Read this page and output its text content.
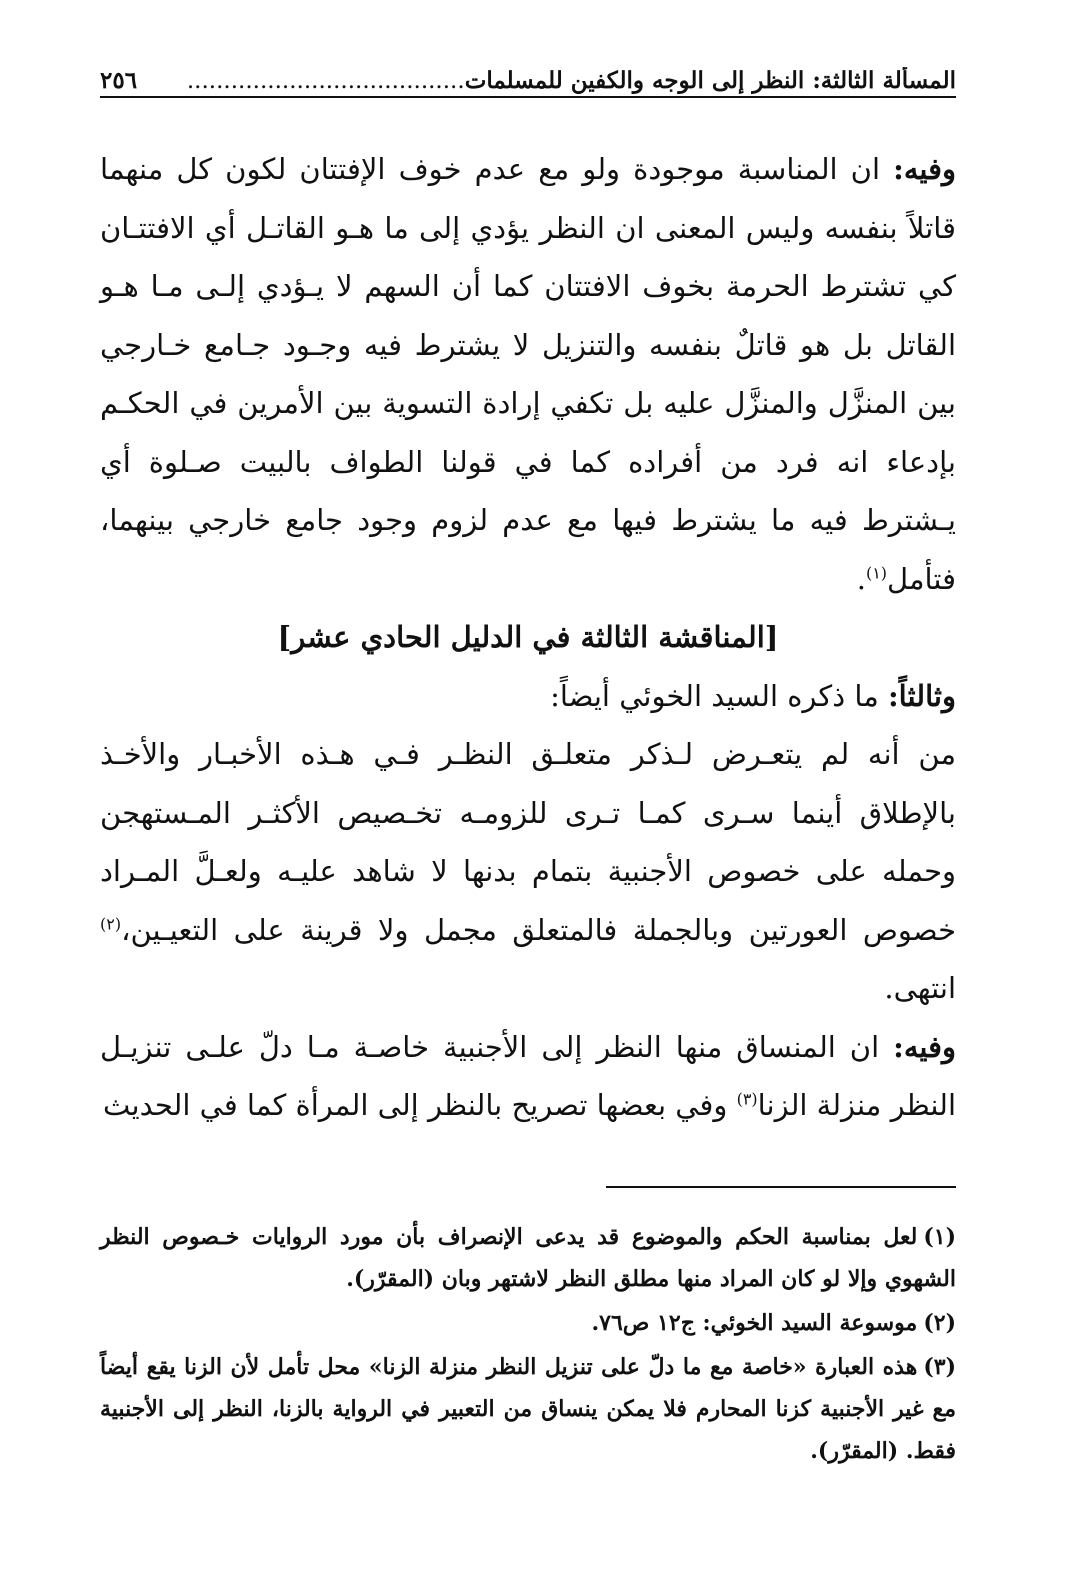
المسألة الثالثة: النظر إلى الوجه والكفين للمسلمات......................................
٢٥٦

وفيه: ان المناسبة موجودة ولو مع عدم خوف الإفتتان لكون كل منهما قاتلاً بنفسه وليس المعنى ان النظر يؤدي إلى ما هـو القاتـل أي الافتتـان كي تشترط الحرمة بخوف الافتتان كما أن السهم لا يـؤدي إلـى مـا هـو القاتل بل هو قاتلٌ بنفسه والتنزيل لا يشترط فيه وجـود جـامع خـارجي بين المنزَّل والمنزَّل عليه بل تكفي إرادة التسوية بين الأمرين في الحكـم بإدعاء انه فرد من أفراده كما في قولنا الطواف بالبيت صـلوة أي يـشترط فيه ما يشترط فيها مع عدم لزوم وجود جامع خارجي بينهما، فتأمل$^{(١)}$.

[المناقشة الثالثة في الدليل الحادي عشر]

وثالثاً: ما ذكره السيد الخوئي أيضاً:

من أنه لم يتعـرض لـذكر متعلـق النظـر فـي هـذه الأخبـار والأخـذ بالإطلاق أينما سـرى كمـا تـرى للزومـه تخـصيص الأكثـر المـستهجن وحمله على خصوص الأجنبية بتمام بدنها لا شاهد عليـه ولعـلَّ المـراد خصوص العورتين وبالجملة فالمتعلق مجمل ولا قرينة على التعيـين،$^{(٢)}$ انتهى.

وفيه: ان المنساق منها النظر إلى الأجنبية خاصـة مـا دلّ علـى تنزيـل النظر منزلة الزنا$^{(٣)}$ وفي بعضها تصريح بالنظر إلى المرأة كما في الحديث

(١)لعل بمناسبة الحكم والموضوع قد يدعى الإنصراف بأن مورد الروايات خـصوص النظر الشهوي وإلا لو كان المراد منها مطلق النظر لاشتهر وبان (المقرّر).

(٢)موسوعة السيد الخوئي: ج١٢ ص٧٦.

(٣)هذه العبارة «خاصة مع ما دلّ على تنزيل النظر منزلة الزنا» محل تأمل لأن الزنا يقع أيضاً مع غير الأجنبية كزنا المحارم فلا يمكن ينساق من التعبير في الرواية بالزنا، النظر إلى الأجنبية فقط. (المقرّر).
